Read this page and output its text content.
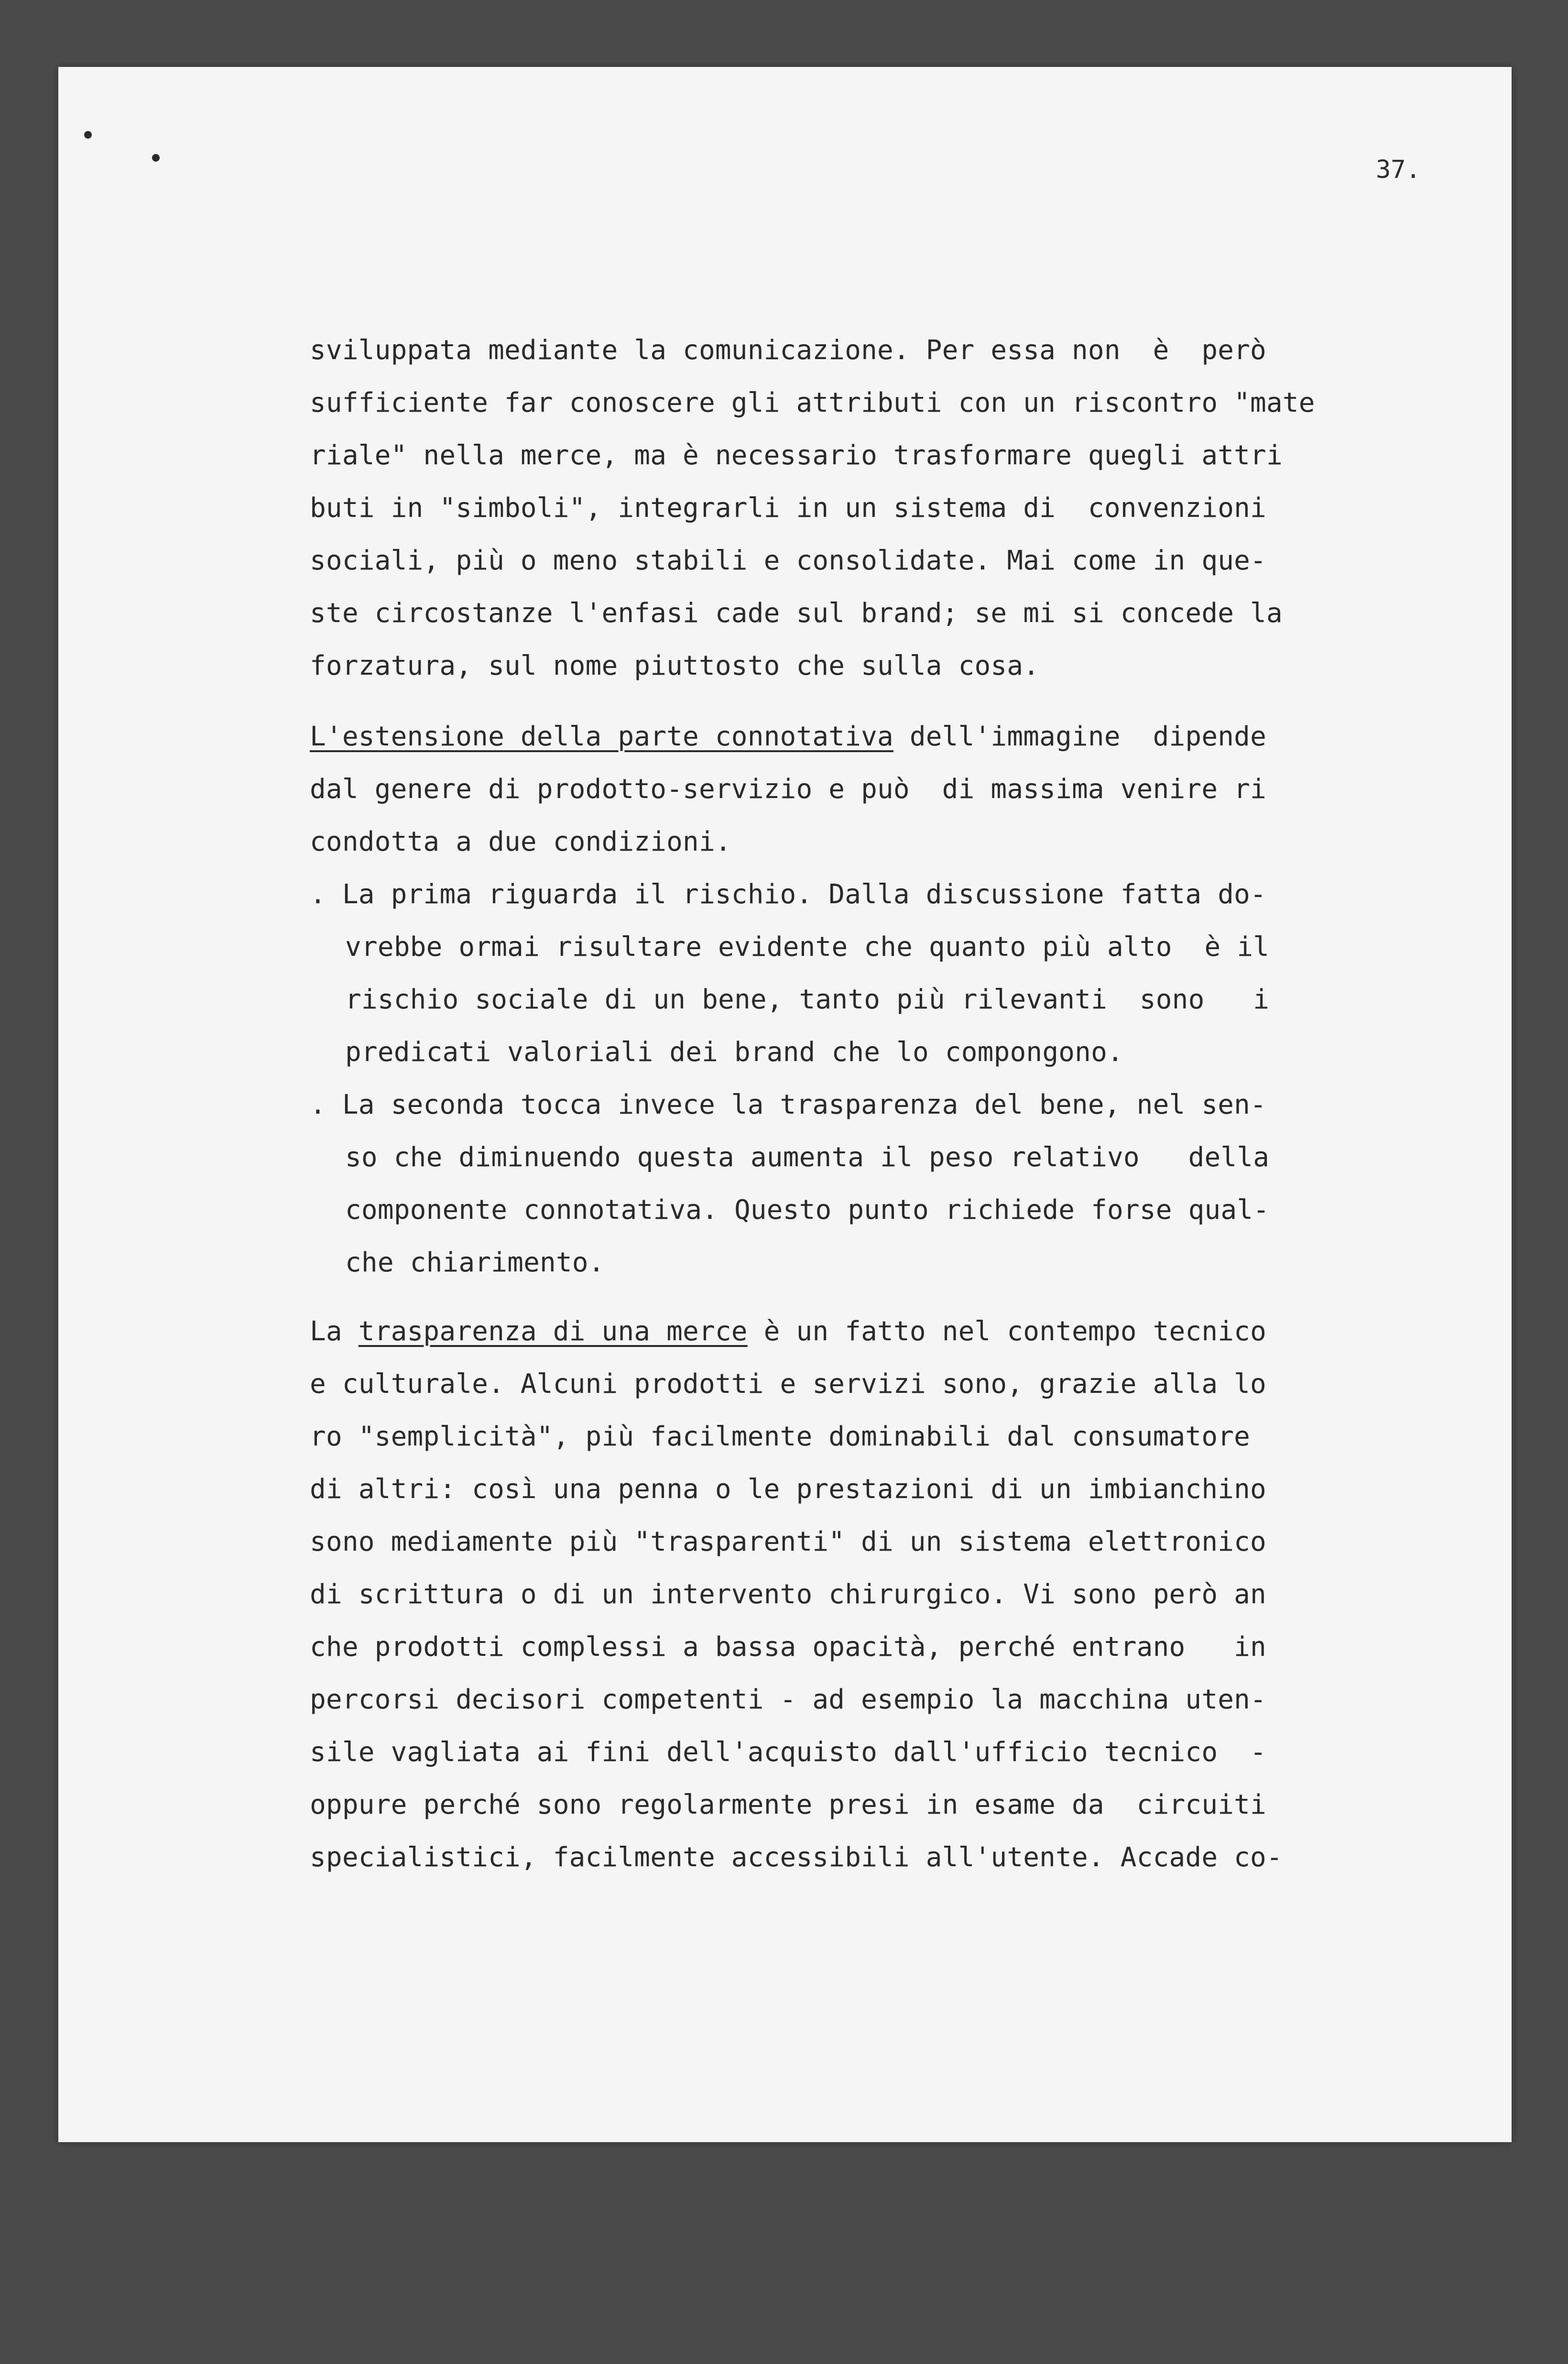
37.
sviluppata mediante la comunicazione. Per essa non  è  però
sufficiente far conoscere gli attributi con un riscontro "mate
riale" nella merce, ma è necessario trasformare quegli attri
buti in "simboli", integrarli in un sistema di  convenzioni
sociali, più o meno stabili e consolidate. Mai come in que-
ste circostanze l'enfasi cade sul brand; se mi si concede la
forzatura, sul nome piuttosto che sulla cosa.
L'estensione della parte connotativa dell'immagine  dipende
dal genere di prodotto-servizio e può  di massima venire ri
condotta a due condizioni.
. La prima riguarda il rischio. Dalla discussione fatta do-
vrebbe ormai risultare evidente che quanto più alto  è il
rischio sociale di un bene, tanto più rilevanti  sono   i
predicati valoriali dei brand che lo compongono.
. La seconda tocca invece la trasparenza del bene, nel sen-
so che diminuendo questa aumenta il peso relativo   della
componente connotativa. Questo punto richiede forse qual-
che chiarimento.
La trasparenza di una merce è un fatto nel contempo tecnico
e culturale. Alcuni prodotti e servizi sono, grazie alla lo
ro "semplicità", più facilmente dominabili dal consumatore
di altri: così una penna o le prestazioni di un imbianchino
sono mediamente più "trasparenti" di un sistema elettronico
di scrittura o di un intervento chirurgico. Vi sono però an
che prodotti complessi a bassa opacità, perché entrano   in
percorsi decisori competenti - ad esempio la macchina uten-
sile vagliata ai fini dell'acquisto dall'ufficio tecnico  -
oppure perché sono regolarmente presi in esame da  circuiti
specialistici, facilmente accessibili all'utente. Accade co-
